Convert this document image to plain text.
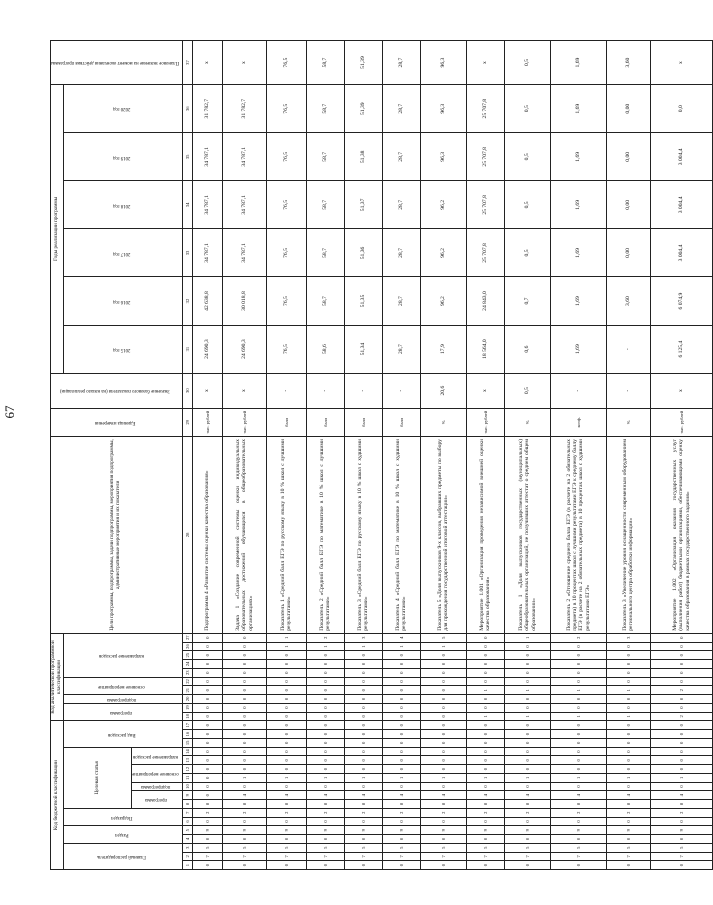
67
Код бюджетной классификации																	Код аналитической программной классификации										Цели программы, подпрограммы, задачи подпрограммы, мероприятия подпрограммы, административные мероприятия и их показатели	Единица измерения	Значение базового показателя (на начало реализации)	Годы реализации программы						Плановое значение на момент окончания действия программы
Главный распорядитель			Раздел		Подраздел		Целевая статья							Вид расходов			программа		подпрограмма	основное мероприятие		направление расходов								2015 год	2016 год	2017 год	2018 год	2019 год	2020 год	
							программа		подпрограмма	основное мероприятие		направление расходов																								
1	2	3	4	5	6	7	8	9	10	11	12	13	14	15	16	17	18	19	20	21	22	23	24	25	26	27	28	29	30	31	32	33	34	35	36	37
0	7	5	0	9	0	2	8	0	0	0	0	0	0	0	0	0	0	0	0	0	0	0	0	0	0	0	Подпрограмма 4 «Развитие системы оценки качества образования»	тыс. рублей	x	24 690,3	42 638,8	34 787,1	34 787,1	34 787,1	31 782,7	x
0	7	5	0	9	0	2	8	4	0	1	0	0	0	0	0	0	0	0	0	0	0	0	0	0	0	0	Задача 1 «Создание современной системы оценки индивидуальных образовательных достижений обучающихся в общеобразовательных организациях»	тыс. рублей	x	24 690,3	30 018,8	34 787,1	34 787,1	34 787,1	31 782,7	x
0	7	5	0	9	0	2	8	4	0	1	0	0	0	0	0	0	0	0	0	0	0	0	0	0	1	1	Показатель 1 «Средний балл ЕГЭ по русскому языку в 10 % школ с лучшими результатами»	балл	-	76,5	76,5	76,5	76,5	76,5	76,5	76,5
0	7	5	0	9	0	2	8	4	0	1	0	0	0	0	0	0	0	0	0	0	0	0	0	0	1	2	Показатель 2 «Средний балл ЕГЭ по математике в 10 % школ с лучшими результатами»	балл	-	58,6	58,7	58,7	58,7	58,7	58,7	58,7
0	7	5	0	9	0	2	8	4	0	1	0	0	0	0	0	0	0	0	0	0	0	0	0	0	1	3	Показатель 3 «Средний балл ЕГЭ по русскому языку в 10 % школ с худшими результатами»	балл	-	51,34	51,35	51,36	51,37	51,38	51,39	51,39
0	7	5	0	9	0	2	8	4	0	1	0	0	0	0	0	0	0	0	0	0	0	0	0	0	1	4	Показатель 4 «Средний балл ЕГЭ по математике в 10 % школ с худшими результатами»	балл	-	28,7	28,7	28,7	28,7	28,7	28,7	28,7
0	7	5	0	9	0	2	8	4	0	1	0	0	0	0	0	0	0	0	0	0	0	0	0	0	1	5	Показатель 5 «Доля выпускников 9-х классов, выбравших предметы по выбору для прохождения государственной итоговой аттестации»	%	20,6	17,9	96,2	96,2	96,2	96,3	96,3	96,3
0	7	5	0	9	0	2	8	4	0	1	0	0	0	0	0	0	1	0	0	1	0	0	0	0	0	0	Мероприятие 1.001 «Организация проведения независимой внешней оценки качества образования»	тыс. рублей	x	18 564,0	24 843,0	25 707,8	25 707,8	25 707,8	25 707,8	x
0	7	5	0	9	0	2	8	4	0	1	0	0	0	0	0	0	1	0	0	1	0	0	0	0	0	1	Показатель 1 «Доля выпускников государственных (муниципальных) общеобразовательных организаций, не получивших аттестат о среднем общем образовании»	%	0,5	0,6	0,7	0,5	0,5	0,5	0,5	0,5
0	7	5	0	9	0	2	8	4	0	1	0	0	0	0	0	0	1	0	0	1	0	0	0	0	0	2	Показатель 2 «Отношение среднего балла ЕГЭ (в расчете на 2 обязательных предмета) в 10 процентах школ с лучшими результатами ЕГЭ к среднему баллу ЕГЭ (в расчете на 2 обязательных предмета) в 10 процентах школ с худшими результатами ЕГЭ»	коэф.	-	1,69	1,69	1,69	1,69	1,69	1,69	1,69
0	7	5	0	9	0	2	8	4	0	1	0	0	0	0	0	0	1	0	0	1	0	0	0	0	0	3	Показатель 3 «Увеличение уровня оснащенности современным оборудованием регионального центра обработки информации»	%	-	-	3,60	0,00	0,00	0,00	0,00	3,60
0	7	5	0	9	0	2	8	4	0	1	0	0	0	0	0	0	2	0	0	2	0	0	0	0	0	0	Мероприятие 1.002 «Организация оказания государственных услуг (выполнения работ) бюджетными организациями, обеспечивающими оценку качества образования в рамках государственного задания»	тыс. рублей	x	6 125,4	6 074,9	3 004,4	3 004,4	3 004,4	0,0	x
